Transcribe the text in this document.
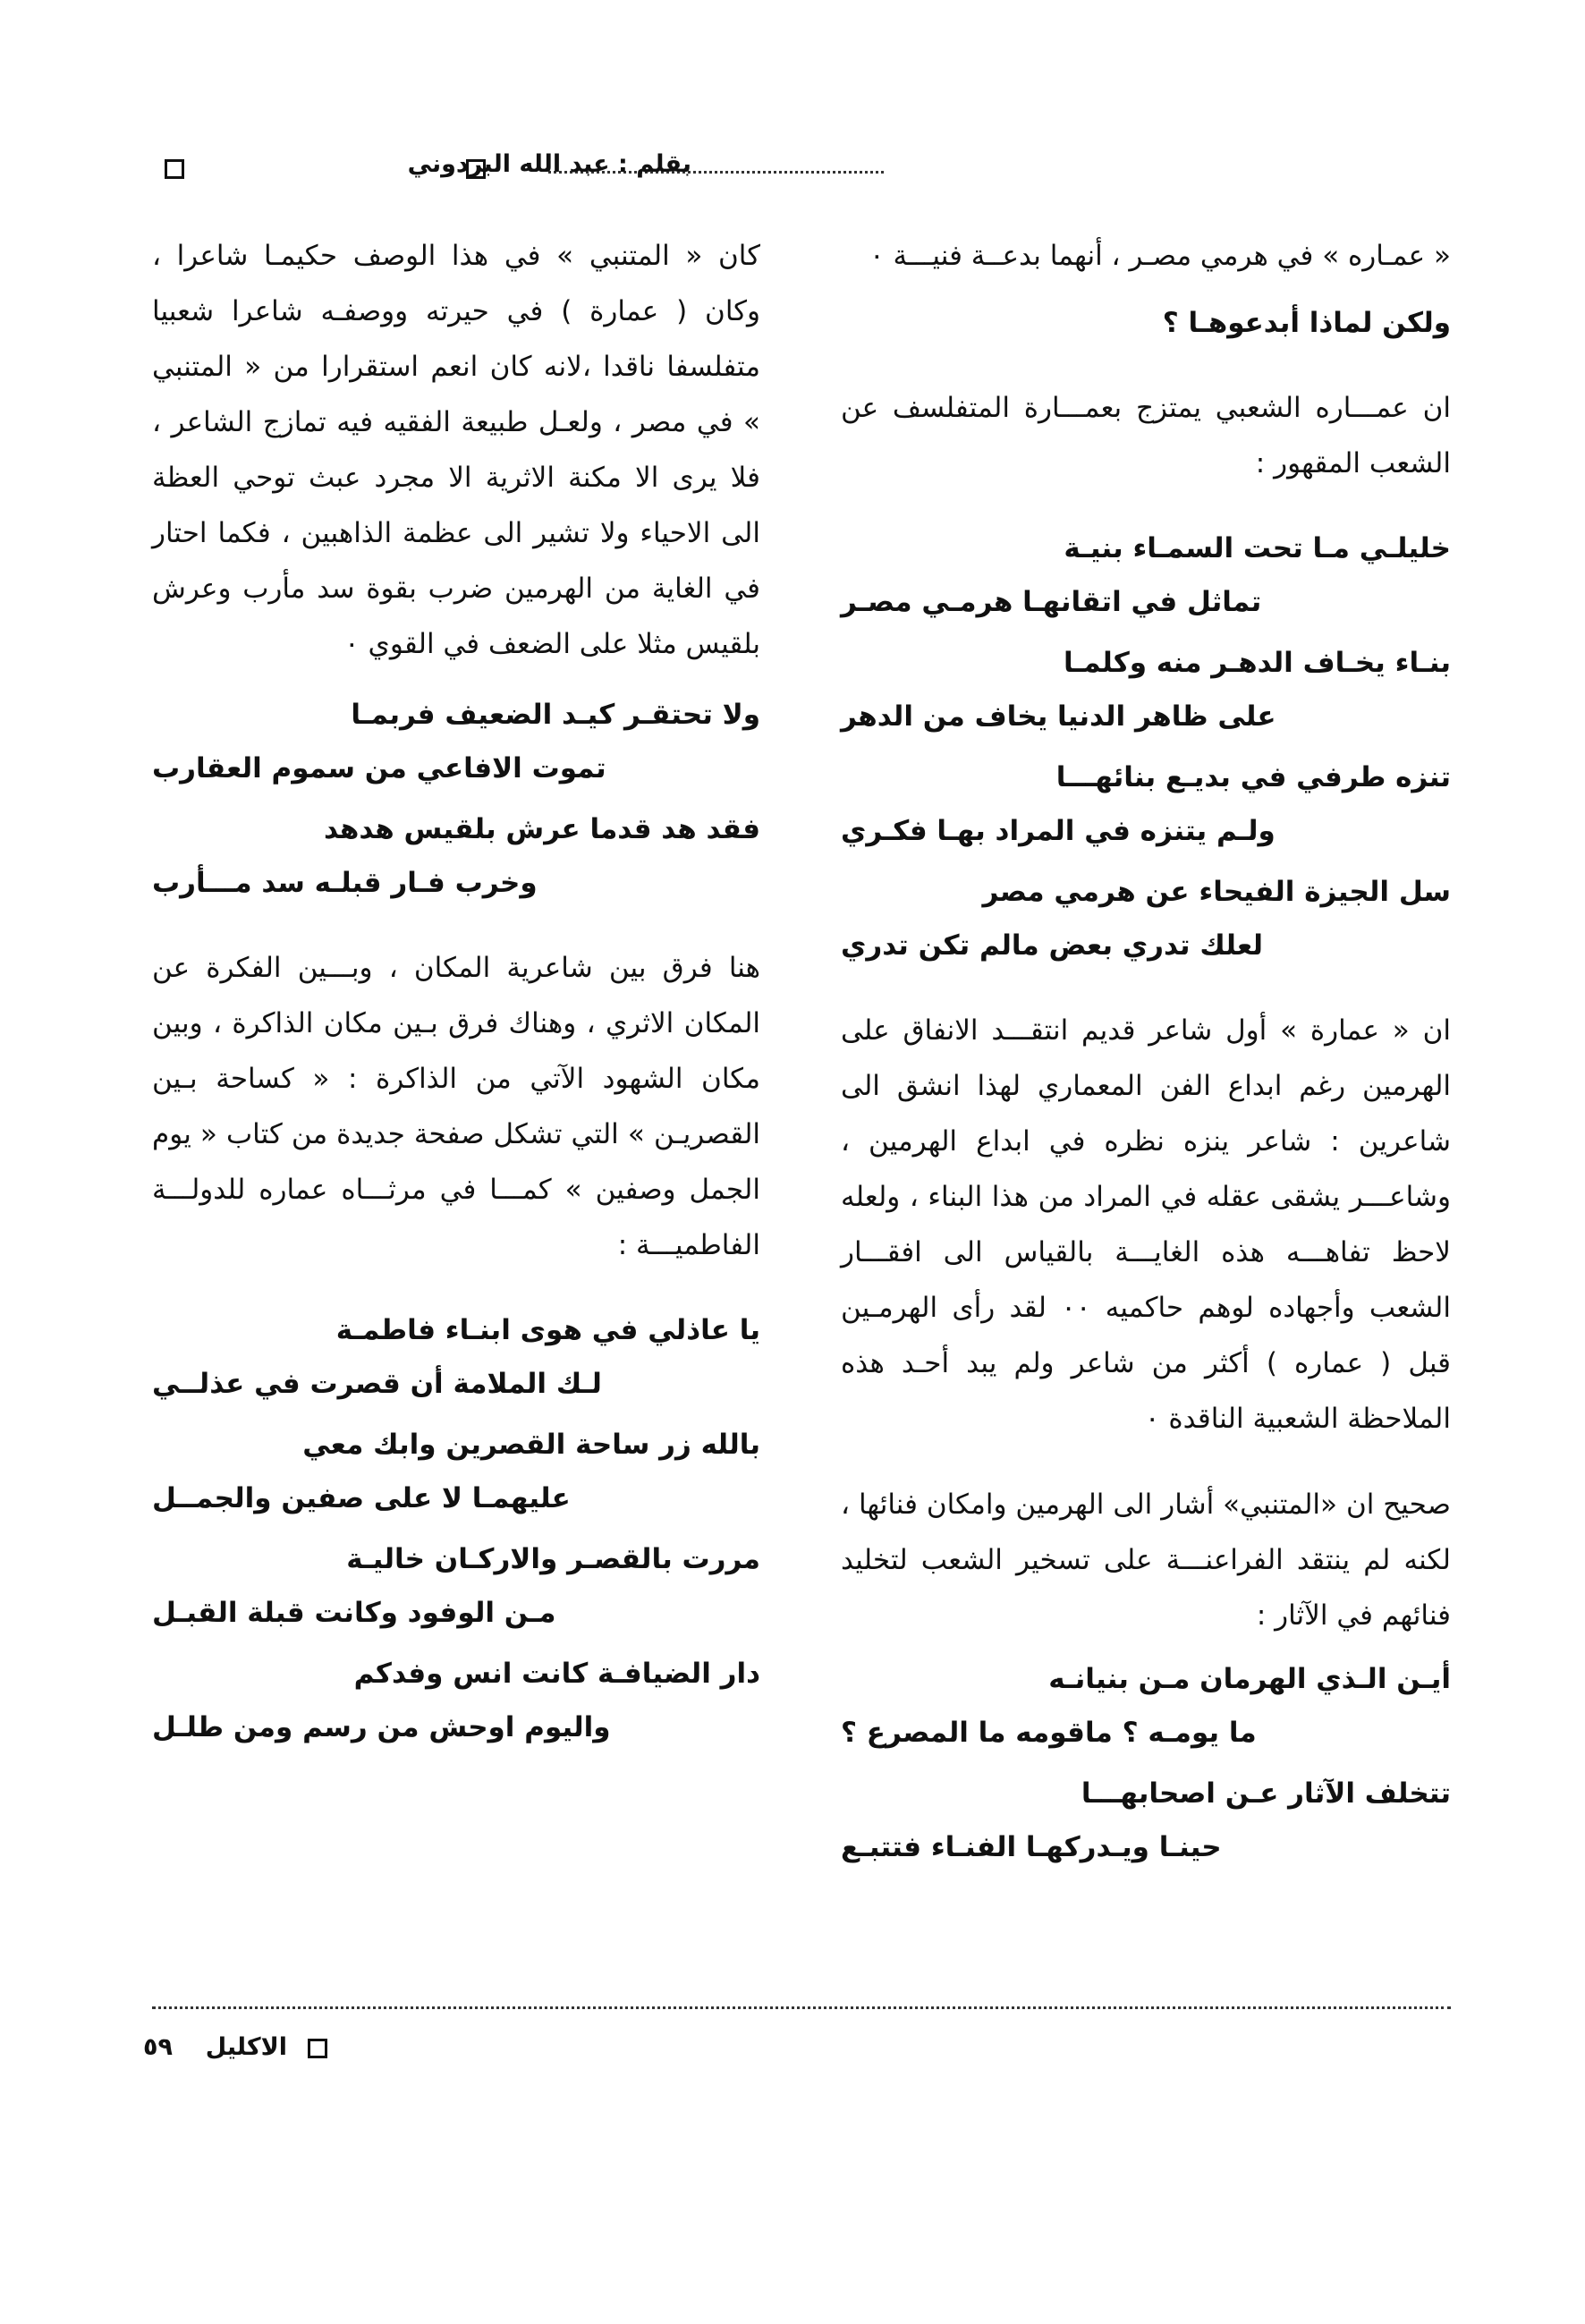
بقلم : عبد الله البردوني

« عمـاره » في هرمي مصـر ، أنهما بدعــة فنيـــة ٠

ولكن لماذا أبدعوهـا ؟

ان عمـــاره الشعبي يمتزج بعمـــارة المتفلسف عن الشعب المقهور :

خليلـي مـا تحت السمـاء بنيـة
تماثل في اتقانهـا هرمـي مصـر
بنـاء يخـاف الدهـر منه وكلمـا
على ظاهر الدنيا يخاف من الدهر
تنزه طرفي في بديـع بنائهـــا
ولـم يتنزه في المراد بهـا فكـري
سل الجيزة الفيحاء عن هرمي مصر
لعلك تدري بعض مالم تكن تدري

ان « عمارة » أول شاعر قديم انتقـــد الانفاق على الهرمين رغم ابداع الفن المعماري لهذا انشق الى شاعرين : شاعر ينزه نظره في ابداع الهرمين ، وشاعـــر يشقى عقله في المراد من هذا البناء ، ولعله لاحظ تفاهـــه هذه الغايـــة بالقياس الى افقـــار الشعب وأجهاده لوهم حاكميه ٠٠ لقد رأى الهرمـين قبل ( عماره ) أكثر من شاعر ولم يبد أحـد هذه الملاحظة الشعبية الناقدة ٠

صحيح ان «المتنبي» أشار الى الهرمين وامكان فنائها ، لكنه لم ينتقد الفراعنـــة على تسخير الشعب لتخليد فنائهم في الآثار :

أيـن الـذي الهرمان مـن بنيانـه
ما يومـه ؟ ماقومه ما المصرع ؟
تتخلف الآثار عـن اصحابهـــا
حينـا ويـدركهـا الفنـاء فتتبـع

كان « المتنبي » في هذا الوصف حكيمـا شاعرا ، وكان ( عمارة ) في حيرته ووصفـه شاعرا شعبيا متفلسفا ناقدا ،لانه كان انعم استقرارا من « المتنبي » في مصر ، ولعـل طبيعة الفقيه فيه تمازج الشاعر ، فلا يرى الا مكنة الاثرية الا مجرد عبث توحي العظة الى الاحياء ولا تشير الى عظمة الذاهبين ، فكما احتار في الغاية من الهرمين ضرب بقوة سد مأرب وعرش بلقيس مثلا على الضعف في القوي ٠

ولا تحتقـر كيـد الضعيف فربمـا
تموت الافاعي من سموم العقارب
فقد هد قدما عرش بلقيس هدهد
وخرب فـار قبلـه سد مـــأرب

هنا فرق بين شاعرية المكان ، وبـــين الفكرة عن المكان الاثري ، وهناك فرق بـين مكان الذاكرة ، وبين مكان الشهود الآتي من الذاكرة : « كساحة بـين القصريـن » التي تشكل صفحة جديدة من كتاب « يوم الجمل وصفين » كمـــا في مرثـــاه عماره للدولـــة الفاطميـــة :

يا عاذلي في هوى ابنـاء فاطمـة
لـك الملامة أن قصرت في عذلــي
بالله زر ساحة القصرين وابك معي
عليهمـا لا على صفين والجمــل
مررت بالقصـر والاركـان خاليـة
مـن الوفود وكانت قبلة القبـل
دار الضيافـة كانت انس وفدكم
واليوم اوحش من رسم ومن طلـل
الاكليل  ٥٩
